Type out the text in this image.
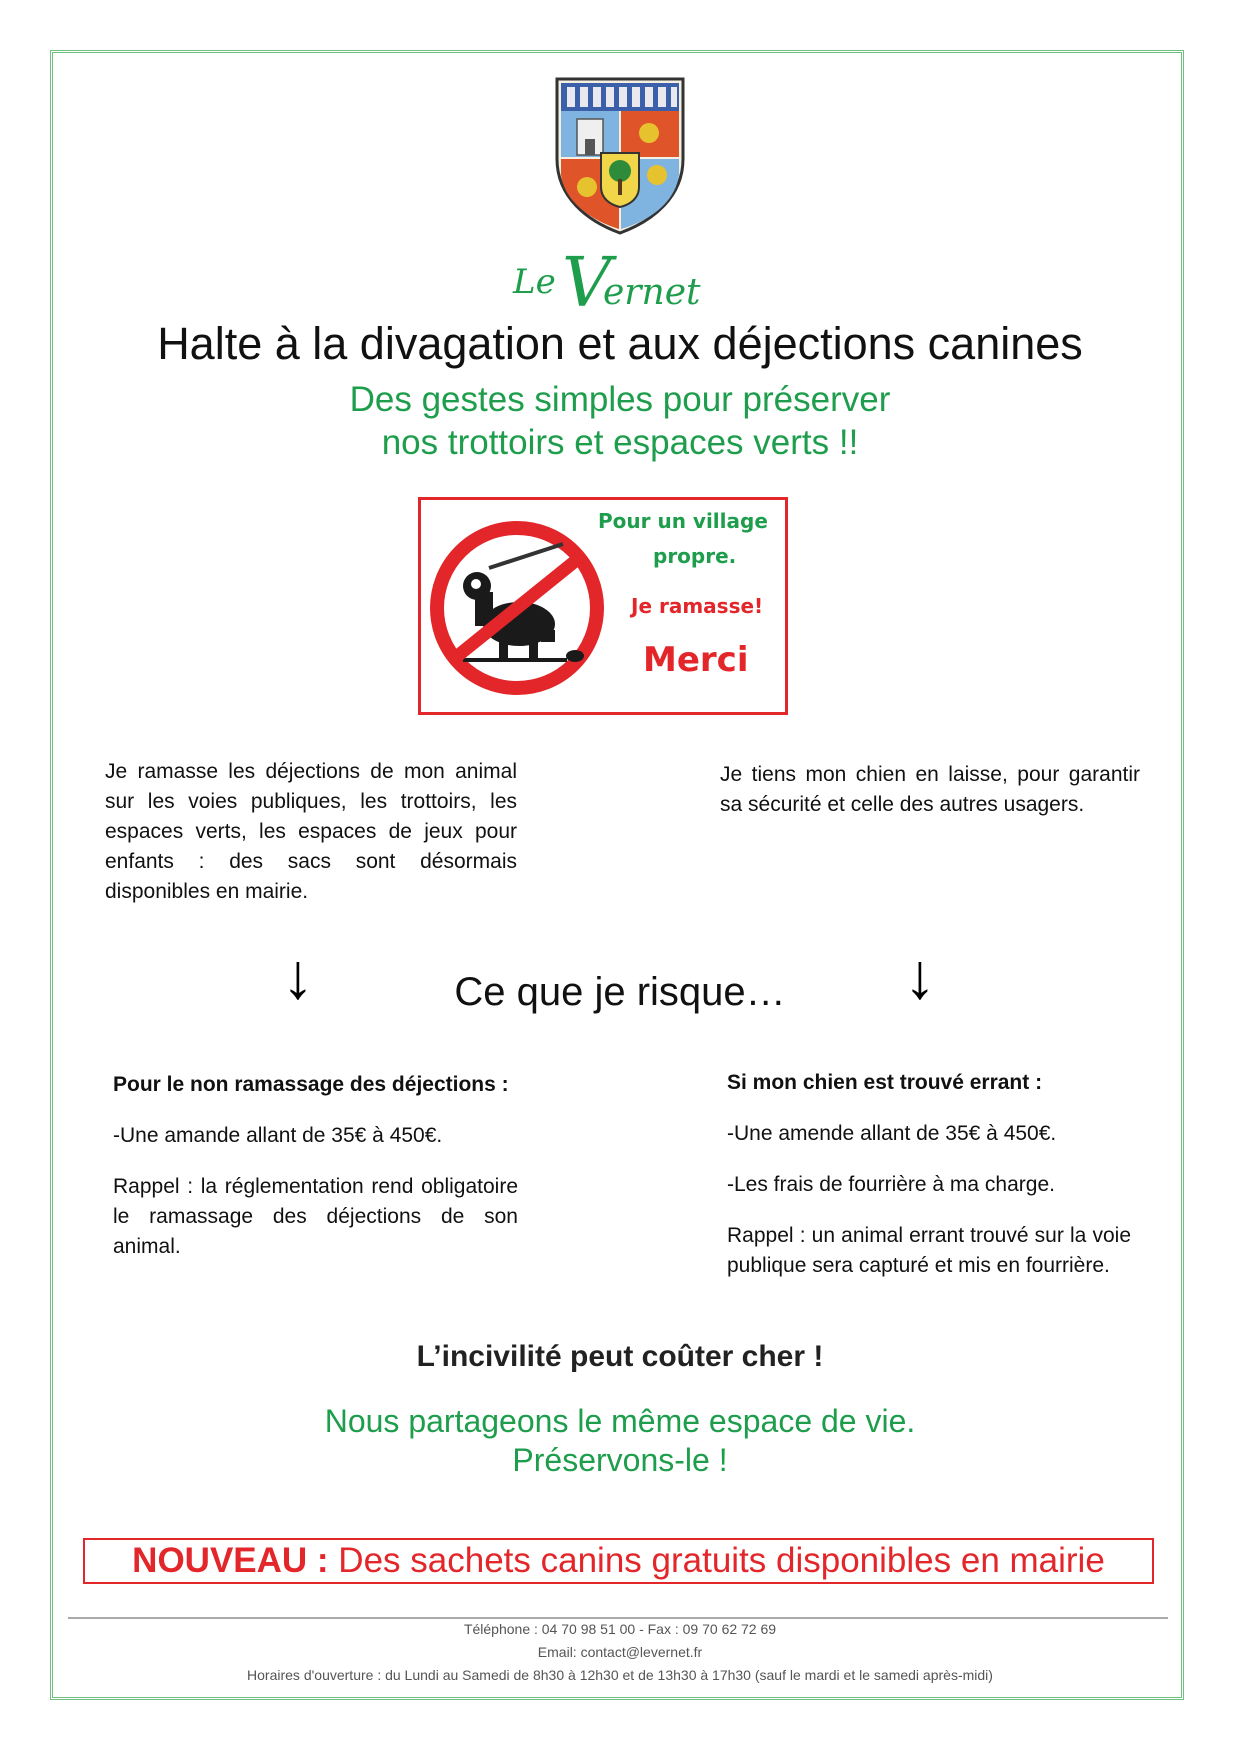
Le V
ernet
Halte à la divagation et aux déjections canines
Des gestes simples pour préserver
nos trottoirs et espaces verts !!
Pour un village
propre.
Je ramasse!
Merci
Je ramasse les déjections de mon animal sur les voies publiques, les trottoirs, les espaces verts, les espaces de jeux pour enfants : des sacs sont désormais disponibles en mairie.
Je tiens mon chien en laisse, pour garantir sa sécurité et celle des autres usagers.
↓	Ce que je risque…	↓

Pour le non ramassage des déjections :

-Une amande allant de 35€ à 450€.

Rappel : la réglementation rend obligatoire le ramassage des déjections de son animal.

Si mon chien est trouvé errant :

-Une amende allant de 35€ à 450€.

-Les frais de fourrière à ma charge.

Rappel : un animal errant trouvé sur la voie publique sera capturé et mis en fourrière.

L’incivilité peut coûter cher !
Nous partageons le même espace de vie.
Préservons-le !
NOUVEAU : Des sachets canins gratuits disponibles en mairie
Téléphone : 04 70 98 51 00 - Fax : 09 70 62 72 69
Email: contact@levernet.fr
Horaires d'ouverture : du Lundi au Samedi de 8h30 à 12h30 et de 13h30 à 17h30 (sauf le mardi et le samedi après-midi)
